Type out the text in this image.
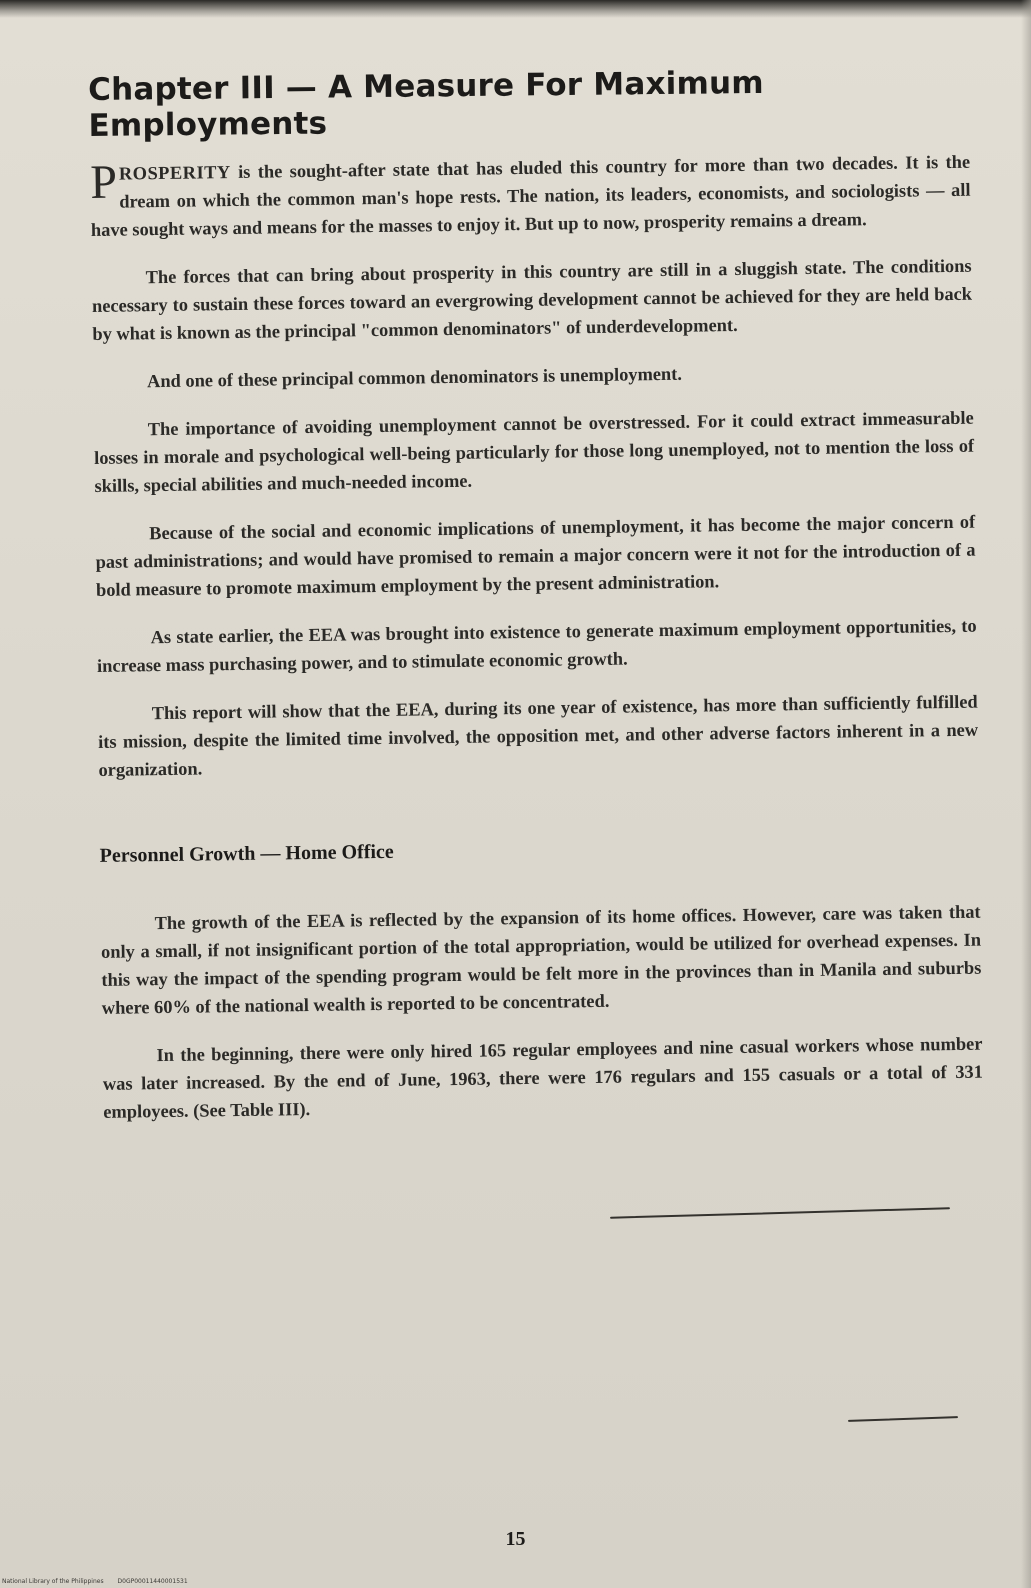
Chapter III — A Measure For Maximum Employments

PROSPERITY is the sought-after state that has eluded this country for more than two decades. It is the dream on which the common man's hope rests. The nation, its leaders, economists, and sociologists — all have sought ways and means for the masses to enjoy it. But up to now, prosperity remains a dream.

The forces that can bring about prosperity in this country are still in a sluggish state. The conditions necessary to sustain these forces toward an evergrowing development cannot be achieved for they are held back by what is known as the principal "common denominators" of underdevelopment.

And one of these principal common denominators is unemployment.

The importance of avoiding unemployment cannot be overstressed. For it could extract immeasurable losses in morale and psychological well-being particularly for those long unemployed, not to mention the loss of skills, special abilities and much-needed income.

Because of the social and economic implications of unemployment, it has become the major concern of past administrations; and would have promised to remain a major concern were it not for the introduction of a bold measure to promote maximum employment by the present administration.

As state earlier, the EEA was brought into existence to generate maximum employment opportunities, to increase mass purchasing power, and to stimulate economic growth.

This report will show that the EEA, during its one year of existence, has more than sufficiently fulfilled its mission, despite the limited time involved, the opposition met, and other adverse factors inherent in a new organization.

Personnel Growth — Home Office

The growth of the EEA is reflected by the expansion of its home offices. However, care was taken that only a small, if not insignificant portion of the total appropriation, would be utilized for overhead expenses. In this way the impact of the spending program would be felt more in the provinces than in Manila and suburbs where 60% of the national wealth is reported to be concentrated.

In the beginning, there were only hired 165 regular employees and nine casual workers whose number was later increased. By the end of June, 1963, there were 176 regulars and 155 casuals or a total of 331 employees. (See Table III).

15
National Library of the Philippines D0GP00011440001531
